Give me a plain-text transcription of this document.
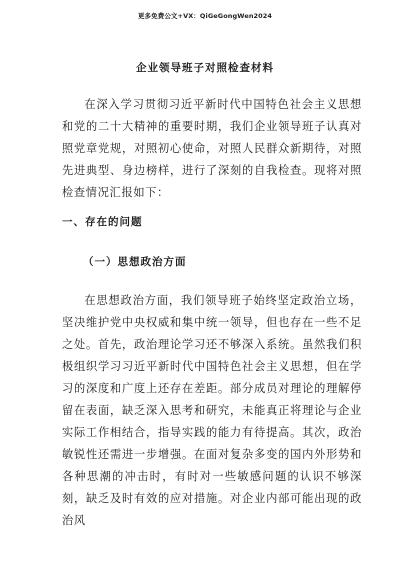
更多免费公文+VX：QiGeGongWen2024
企业领导班子对照检查材料

在深入学习贯彻习近平新时代中国特色社会主义思想和党的二十大精神的重要时期，我们企业领导班子认真对照党章党规，对照初心使命，对照人民群众新期待，对照先进典型、身边榜样，进行了深刻的自我检查。现将对照检查情况汇报如下：

一、存在的问题
（一）思想政治方面

在思想政治方面，我们领导班子始终坚定政治立场，坚决维护党中央权威和集中统一领导，但也存在一些不足之处。首先，政治理论学习还不够深入系统。虽然我们积极组织学习习近平新时代中国特色社会主义思想，但在学习的深度和广度上还存在差距。部分成员对理论的理解停留在表面，缺乏深入思考和研究，未能真正将理论与企业实际工作相结合，指导实践的能力有待提高。其次，政治敏锐性还需进一步增强。在面对复杂多变的国内外形势和各种思潮的冲击时，有时对一些敏感问题的认识不够深刻，缺乏及时有效的应对措施。对企业内部可能出现的政治风
